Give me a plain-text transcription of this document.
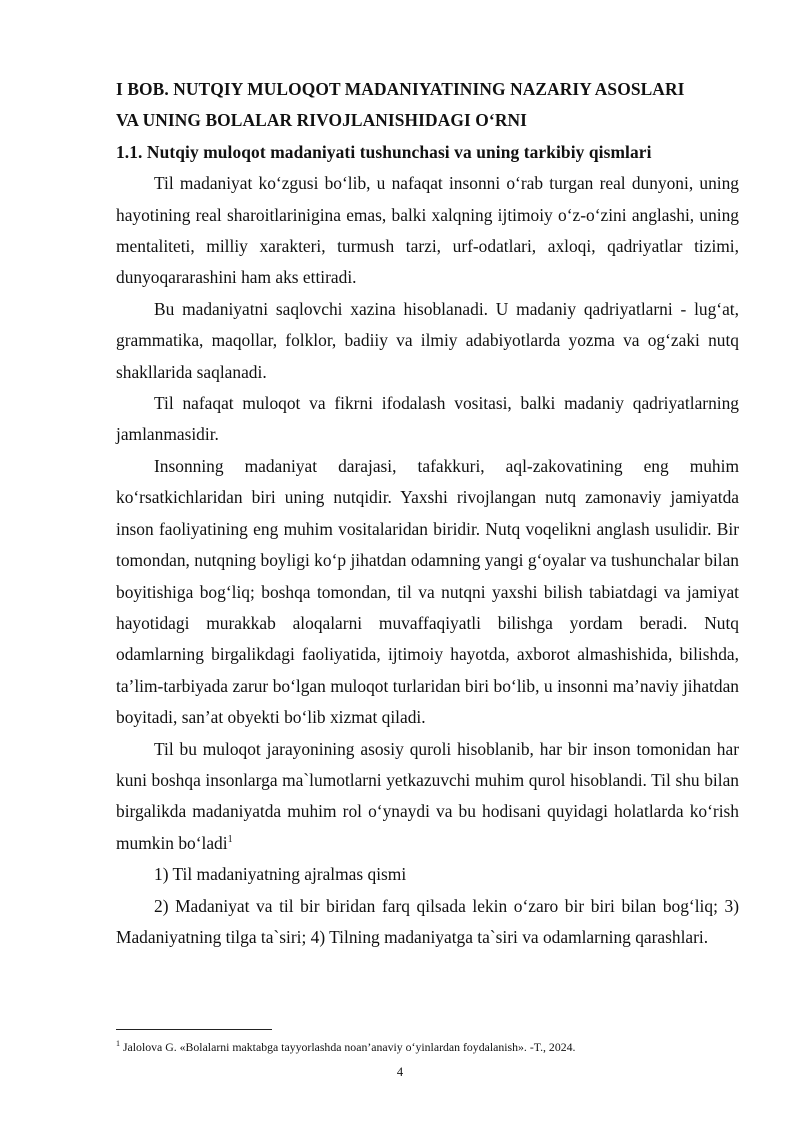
I BOB. NUTQIY MULOQOT MADANIYATINING NAZARIY ASOSLARI

VA UNING BOLALAR RIVOJLANISHIDAGI O‘RNI

1.1. Nutqiy muloqot madaniyati tushunchasi va uning tarkibiy qismlari

Til madaniyat ko‘zgusi bo‘lib, u nafaqat insonni o‘rab turgan real dunyoni, uning hayotining real sharoitlarinigina emas, balki xalqning ijtimoiy o‘z-o‘zini anglashi, uning mentaliteti, milliy xarakteri, turmush tarzi, urf-odatlari, axloqi, qadriyatlar tizimi, dunyoqararashini ham aks ettiradi.

Bu madaniyatni saqlovchi xazina hisoblanadi. U madaniy qadriyatlarni - lug‘at, grammatika, maqollar, folklor, badiiy va ilmiy adabiyotlarda yozma va og‘zaki nutq shakllarida saqlanadi.

Til nafaqat muloqot va fikrni ifodalash vositasi, balki madaniy qadriyatlarning jamlanmasidir.

Insonning madaniyat darajasi, tafakkuri, aql-zakovatining eng muhim ko‘rsatkichlaridan biri uning nutqidir. Yaxshi rivojlangan nutq zamonaviy jamiyatda inson faoliyatining eng muhim vositalaridan biridir. Nutq voqelikni anglash usulidir. Bir tomondan, nutqning boyligi ko‘p jihatdan odamning yangi g‘oyalar va tushunchalar bilan boyitishiga bog‘liq; boshqa tomondan, til va nutqni yaxshi bilish tabiatdagi va jamiyat hayotidagi murakkab aloqalarni muvaffaqiyatli bilishga yordam beradi. Nutq odamlarning birgalikdagi faoliyatida, ijtimoiy hayotda, axborot almashishida, bilishda, ta’lim-tarbiyada zarur bo‘lgan muloqot turlaridan biri bo‘lib, u insonni ma’naviy jihatdan boyitadi, san’at obyekti bo‘lib xizmat qiladi.

Til bu muloqot jarayonining asosiy quroli hisoblanib, har bir inson tomonidan har kuni boshqa insonlarga ma`lumotlarni yetkazuvchi muhim qurol hisoblandi. Til shu bilan birgalikda madaniyatda muhim rol o‘ynaydi va bu hodisani quyidagi holatlarda ko‘rish mumkin bo‘ladi$^1$

1) Til madaniyatning ajralmas qismi

2) Madaniyat va til bir biridan farq qilsada lekin o‘zaro bir biri bilan bog‘liq; 3) Madaniyatning tilga ta`siri; 4) Tilning madaniyatga ta`siri va odamlarning qarashlari.

$^1$ Jalolova G. «Bolalarni maktabga tayyorlashda noan’anaviy o‘yinlardan foydalanish». -T., 2024.
4
